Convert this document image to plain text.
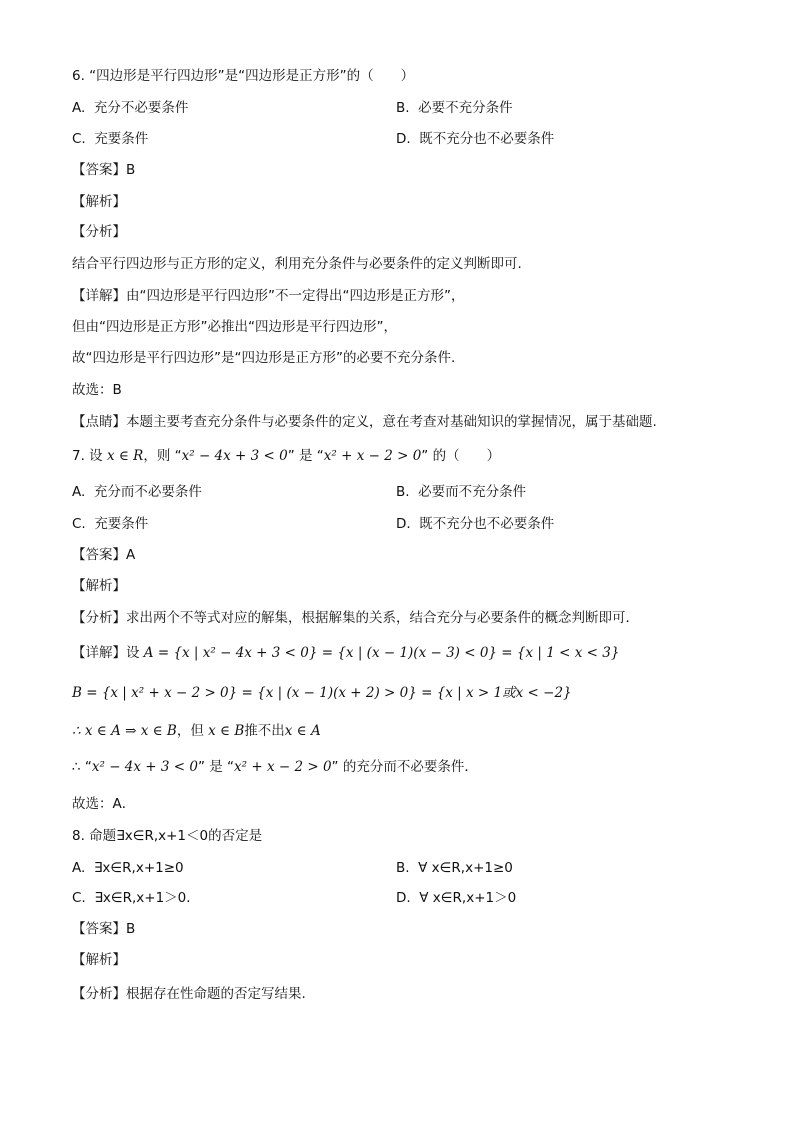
6. “四边形是平行四边形”是“四边形是正方形”的（　　）
A. 充分不必要条件	B. 必要不充分条件
C. 充要条件	D. 既不充分也不必要条件
【答案】B
【解析】
【分析】
结合平行四边形与正方形的定义，利用充分条件与必要条件的定义判断即可.
【详解】由“四边形是平行四边形”不一定得出“四边形是正方形”，
但由“四边形是正方形”必推出“四边形是平行四边形”，
故“四边形是平行四边形”是“四边形是正方形”的必要不充分条件.
故选：B
【点睛】本题主要考查充分条件与必要条件的定义，意在考查对基础知识的掌握情况，属于基础题.
7. 设 x ∈ R，则 “x² − 4x + 3 < 0” 是 “x² + x − 2 > 0” 的（　　）
A. 充分而不必要条件	B. 必要而不充分条件
C. 充要条件	D. 既不充分也不必要条件
【答案】A
【解析】
【分析】求出两个不等式对应的解集，根据解集的关系，结合充分与必要条件的概念判断即可．
【详解】设 A = {x | x² − 4x + 3 < 0} = {x | (x − 1)(x − 3) < 0} = {x | 1 < x < 3}
B = {x | x² + x − 2 > 0} = {x | (x − 1)(x + 2) > 0} = {x | x > 1或x < −2}
∴ x ∈ A ⇒ x ∈ B，但 x ∈ B推不出x ∈ A
∴ “x² − 4x + 3 < 0” 是 “x² + x − 2 > 0” 的充分而不必要条件．
故选：A．
8. 命题∃x∈R,x+1＜0的否定是
A. ∃x∈R,x+1≥0	B. ∀ x∈R,x+1≥0
C. ∃x∈R,x+1＞0．	D. ∀ x∈R,x+1＞0
【答案】B
【解析】
【分析】根据存在性命题的否定写结果.
